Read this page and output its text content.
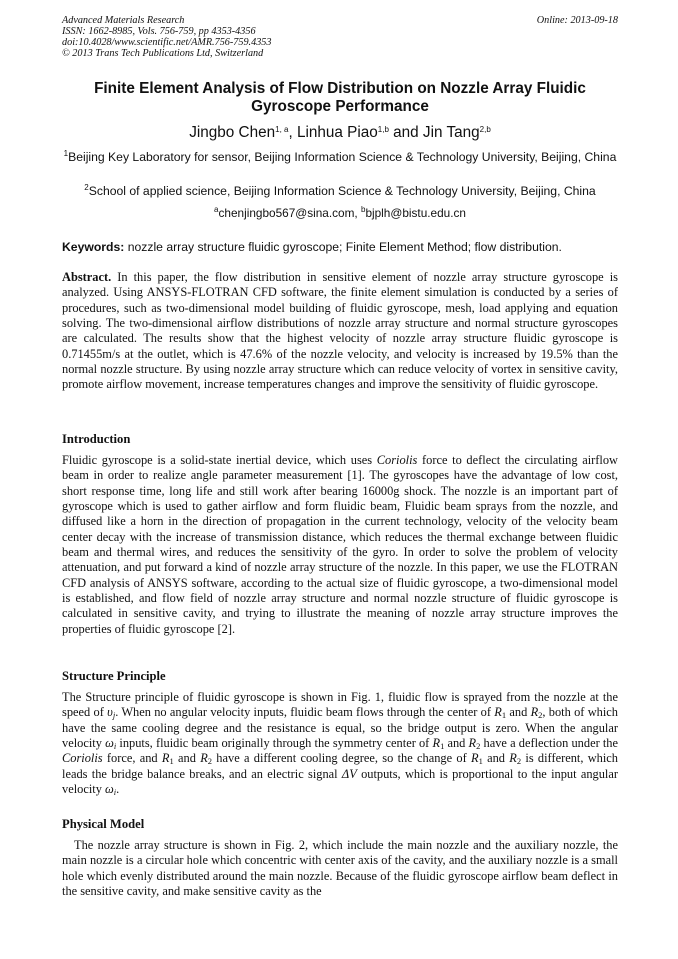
Advanced Materials Research
ISSN: 1662-8985, Vols. 756-759, pp 4353-4356
doi:10.4028/www.scientific.net/AMR.756-759.4353
© 2013 Trans Tech Publications Ltd, Switzerland
Online: 2013-09-18
Finite Element Analysis of Flow Distribution on Nozzle Array Fluidic
Gyroscope Performance
Jingbo Chen$^{1, a}$, Linhua Piao$^{1,b}$ and Jin Tang$^{2,b}$
$^1$Beijing Key Laboratory for sensor, Beijing Information Science & Technology University, Beijing, China
$^2$School of applied science, Beijing Information Science & Technology University, Beijing, China
$^a$chenjingbo567@sina.com, $^b$bjplh@bistu.edu.cn
Keywords: nozzle array structure fluidic gyroscope; Finite Element Method; flow distribution.
Abstract. In this paper, the flow distribution in sensitive element of nozzle array structure gyroscope is analyzed. Using ANSYS-FLOTRAN CFD software, the finite element simulation is conducted by a series of procedures, such as two-dimensional model building of fluidic gyroscope, mesh, load applying and equation solving. The two-dimensional airflow distributions of nozzle array structure and normal structure gyroscopes are calculated. The results show that the highest velocity of nozzle array structure fluidic gyroscope is 0.71455m/s at the outlet, which is 47.6% of the nozzle velocity, and velocity is increased by 19.5% than the normal nozzle structure. By using nozzle array structure which can reduce velocity of vortex in sensitive cavity, promote airflow movement, increase temperatures changes and improve the sensitivity of fluidic gyroscope.
Introduction
Fluidic gyroscope is a solid-state inertial device, which uses Coriolis force to deflect the circulating airflow beam in order to realize angle parameter measurement [1]. The gyroscopes have the advantage of low cost, short response time, long life and still work after bearing 16000g shock. The nozzle is an important part of gyroscope which is used to gather airflow and form fluidic beam, Fluidic beam sprays from the nozzle, and diffused like a horn in the direction of propagation in the current technology, velocity of the velocity beam center decay with the increase of transmission distance, which reduces the thermal exchange between fluidic beam and thermal wires, and reduces the sensitivity of the gyro. In order to solve the problem of velocity attenuation, and put forward a kind of nozzle array structure of the nozzle. In this paper, we use the FLOTRAN CFD analysis of ANSYS software, according to the actual size of fluidic gyroscope, a two-dimensional model is established, and flow field of nozzle array structure and normal nozzle structure of fluidic gyroscope is calculated in sensitive cavity, and trying to illustrate the meaning of nozzle array structure improves the properties of fluidic gyroscope [2].
Structure Principle
The Structure principle of fluidic gyroscope is shown in Fig. 1, fluidic flow is sprayed from the nozzle at the speed of $\upsilon_j$. When no angular velocity inputs, fluidic beam flows through the center of $R_1$ and $R_2$, both of which have the same cooling degree and the resistance is equal, so the bridge output is zero. When the angular velocity $\omega_i$ inputs, fluidic beam originally through the symmetry center of $R_1$ and $R_2$ have a deflection under the Coriolis force, and $R_1$ and $R_2$ have a different cooling degree, so the change of $R_1$ and $R_2$ is different, which leads the bridge balance breaks, and an electric signal ΔV outputs, which is proportional to the input angular velocity $\omega_i$.
Physical Model
The nozzle array structure is shown in Fig. 2, which include the main nozzle and the auxiliary nozzle, the main nozzle is a circular hole which concentric with center axis of the cavity, and the auxiliary nozzle is a small hole which evenly distributed around the main nozzle. Because of the fluidic gyroscope airflow beam deflect in the sensitive cavity, and make sensitive cavity as the
